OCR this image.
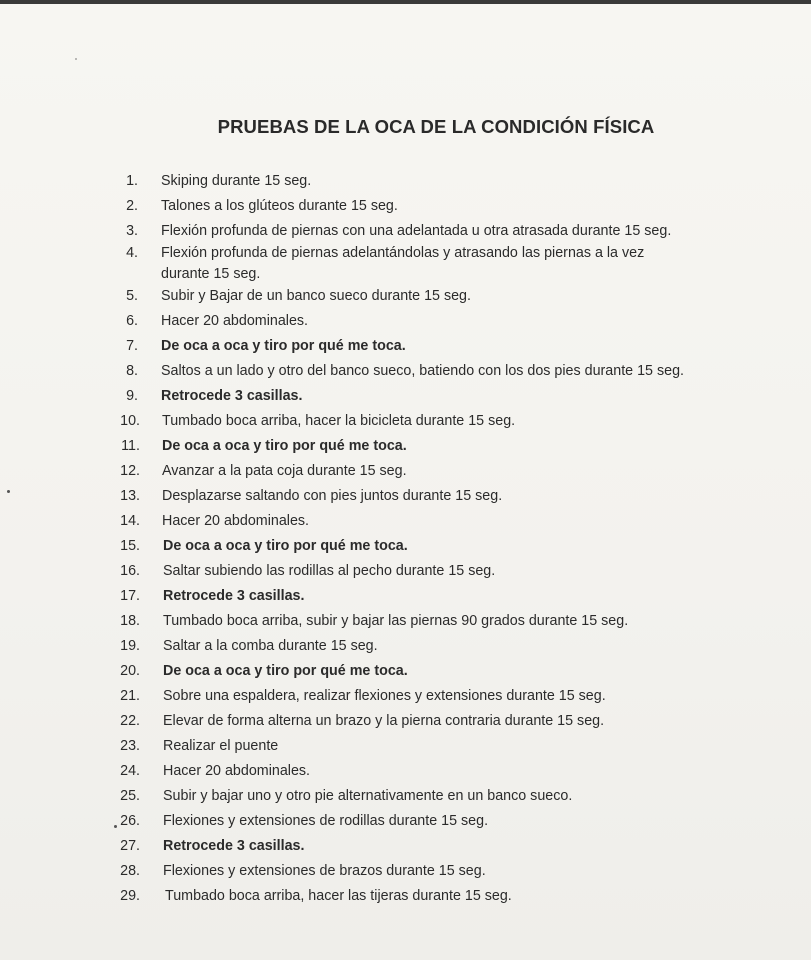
PRUEBAS DE LA OCA DE LA CONDICIÓN FÍSICA
1. Skiping durante 15 seg.
2. Talones a los glúteos durante 15 seg.
3. Flexión profunda de piernas con una adelantada u otra atrasada durante 15 seg.
4. Flexión profunda de piernas adelantándolas y atrasando las piernas a la vez durante 15 seg.
5. Subir y Bajar de un banco sueco durante 15 seg.
6. Hacer 20 abdominales.
7. De oca a oca y tiro por qué me toca.
8. Saltos a un lado y otro del banco sueco, batiendo con los dos pies durante 15 seg.
9. Retrocede 3 casillas.
10. Tumbado boca arriba, hacer la bicicleta durante 15 seg.
11. De oca a oca y tiro por qué me toca.
12. Avanzar a la pata coja durante 15 seg.
13. Desplazarse saltando con pies juntos durante 15 seg.
14. Hacer 20 abdominales.
15. De oca a oca y tiro por qué me toca.
16. Saltar subiendo las rodillas al pecho durante 15 seg.
17. Retrocede 3 casillas.
18. Tumbado boca arriba, subir y bajar las piernas 90 grados durante 15 seg.
19. Saltar a la comba durante 15 seg.
20. De oca a oca y tiro por qué me toca.
21. Sobre una espaldera, realizar flexiones y extensiones durante 15 seg.
22. Elevar de forma alterna un brazo y la pierna contraria durante 15 seg.
23. Realizar el puente
24. Hacer 20 abdominales.
25. Subir y bajar uno y otro pie alternativamente en un banco sueco.
26. Flexiones y extensiones de rodillas durante 15 seg.
27. Retrocede 3 casillas.
28. Flexiones y extensiones de brazos durante 15 seg.
29. Tumbado boca arriba, hacer las tijeras durante 15 seg.
